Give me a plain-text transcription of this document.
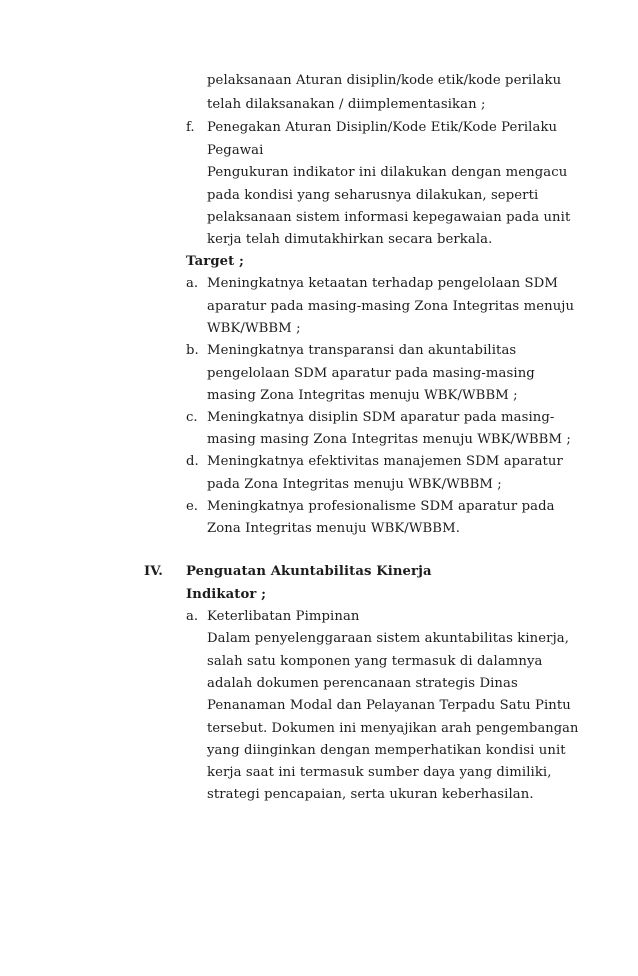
pelaksanaan Aturan disiplin/kode etik/kode perilaku
telah dilaksanakan / diimplementasikan ;
f. Penegakan Aturan Disiplin/Kode Etik/Kode Perilaku
Pegawai
Pengukuran indikator ini dilakukan dengan mengacu
pada kondisi yang seharusnya dilakukan, seperti
pelaksanaan sistem informasi kepegawaian pada unit
kerja telah dimutakhirkan secara berkala.
Target ;
a. Meningkatnya ketaatan terhadap pengelolaan SDM
aparatur pada masing-masing Zona Integritas menuju
WBK/WBBM ;
b. Meningkatnya transparansi dan akuntabilitas
pengelolaan SDM aparatur pada masing-masing
masing Zona Integritas menuju WBK/WBBM ;
c. Meningkatnya disiplin SDM aparatur pada masing-
masing masing Zona Integritas menuju WBK/WBBM ;
d. Meningkatnya efektivitas manajemen SDM aparatur
pada Zona Integritas menuju WBK/WBBM ;
e. Meningkatnya profesionalisme SDM aparatur pada
Zona Integritas menuju WBK/WBBM.
IV. Penguatan Akuntabilitas Kinerja
Indikator ;
a. Keterlibatan Pimpinan
Dalam penyelenggaraan sistem akuntabilitas kinerja,
salah satu komponen yang termasuk di dalamnya
adalah dokumen perencanaan strategis Dinas
Penanaman Modal dan Pelayanan Terpadu Satu Pintu
tersebut. Dokumen ini menyajikan arah pengembangan
yang diinginkan dengan memperhatikan kondisi unit
kerja saat ini termasuk sumber daya yang dimiliki,
strategi pencapaian, serta ukuran keberhasilan.
